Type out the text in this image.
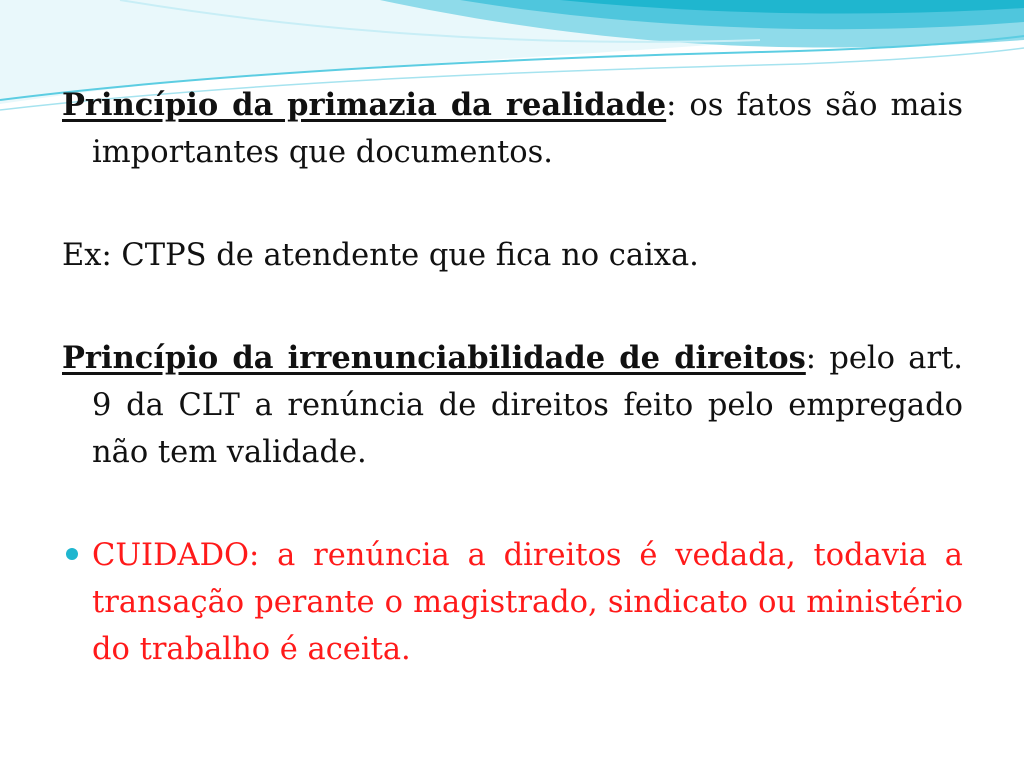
Princípio da primazia da realidade: os fatos são mais importantes que documentos.

Ex: CTPS de atendente que fica no caixa.

Princípio da irrenunciabilidade de direitos: pelo art. 9 da CLT a renúncia de direitos feito pelo empregado não tem validade.

CUIDADO: a renúncia a direitos é vedada, todavia a transação perante o magistrado, sindicato ou ministério do trabalho é aceita.
